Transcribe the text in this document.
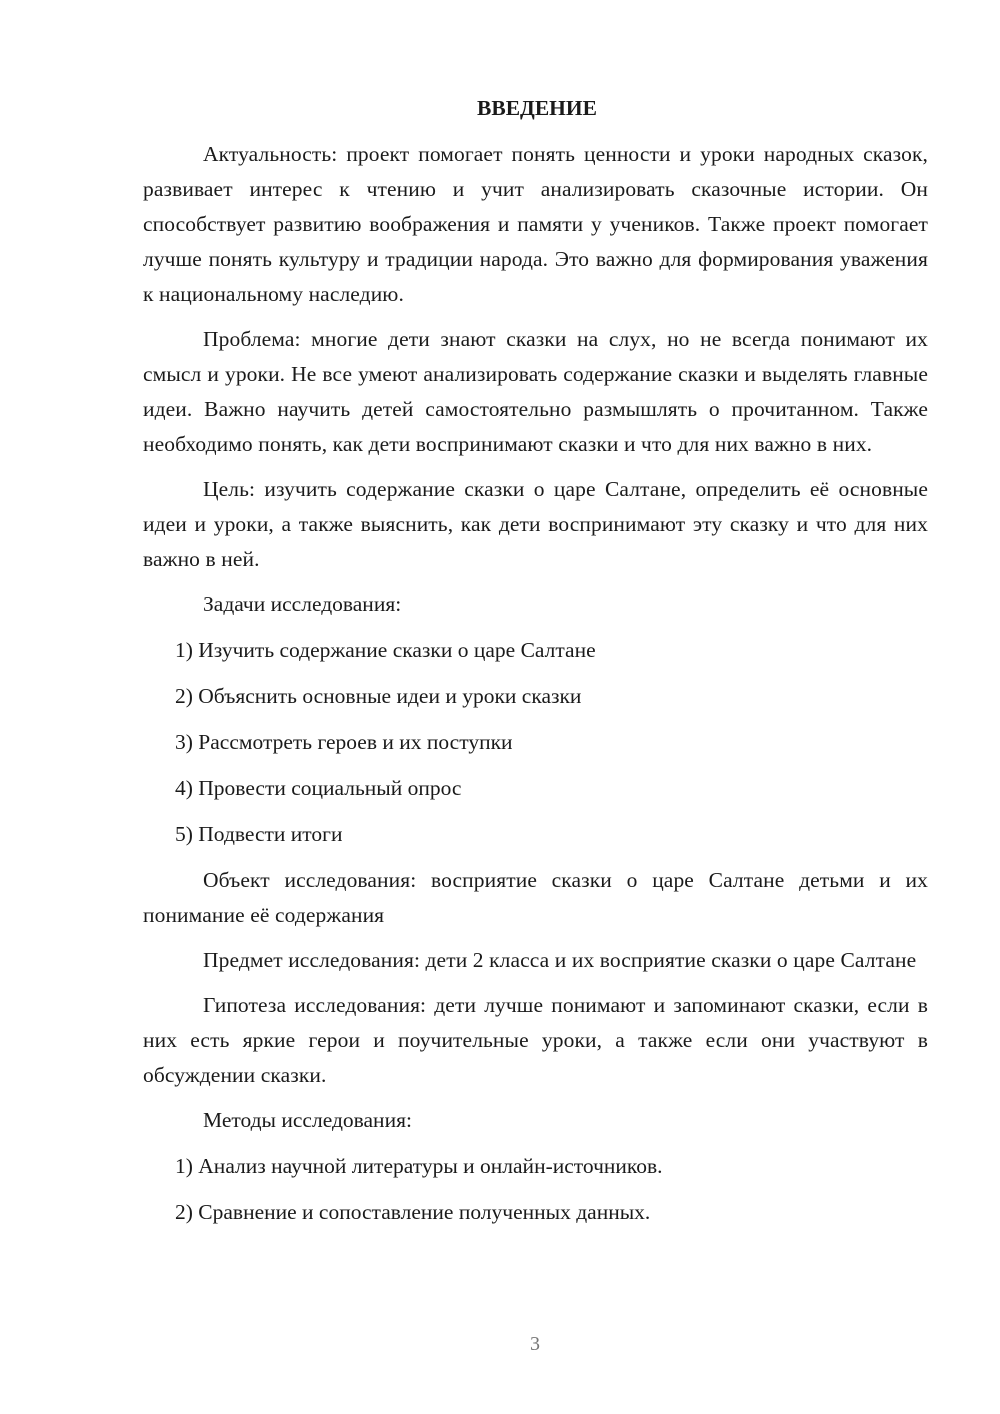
ВВЕДЕНИЕ

Актуальность: проект помогает понять ценности и уроки народных сказок, развивает интерес к чтению и учит анализировать сказочные истории. Он способствует развитию воображения и памяти у учеников. Также проект помогает лучше понять культуру и традиции народа. Это важно для формирования уважения к национальному наследию.

Проблема: многие дети знают сказки на слух, но не всегда понимают их смысл и уроки. Не все умеют анализировать содержание сказки и выделять главные идеи. Важно научить детей самостоятельно размышлять о прочитанном. Также необходимо понять, как дети воспринимают сказки и что для них важно в них.

Цель: изучить содержание сказки о царе Салтане, определить её основные идеи и уроки, а также выяснить, как дети воспринимают эту сказку и что для них важно в ней.

Задачи исследования:

1) Изучить содержание сказки о царе Салтане
2) Объяснить основные идеи и уроки сказки
3) Рассмотреть героев и их поступки
4) Провести социальный опрос
5) Подвести итоги

Объект исследования: восприятие сказки о царе Салтане детьми и их понимание её содержания

Предмет исследования: дети 2 класса и их восприятие сказки о царе Салтане

Гипотеза исследования: дети лучше понимают и запоминают сказки, если в них есть яркие герои и поучительные уроки, а также если они участвуют в обсуждении сказки.

Методы исследования:

1) Анализ научной литературы и онлайн-источников.
2) Сравнение и сопоставление полученных данных.
3
